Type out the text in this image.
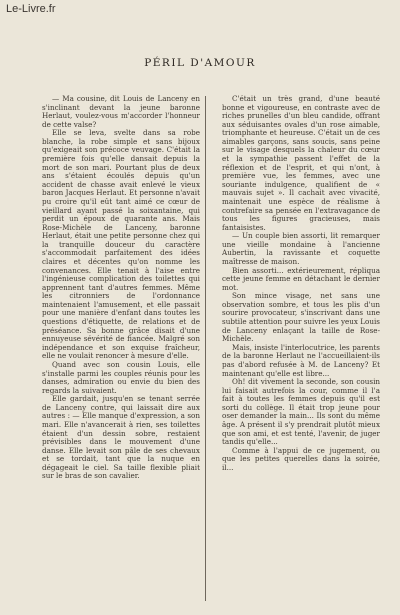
Le-Livre.fr
PÉRIL D'AMOUR

— Ma cousine, dit Louis de Lanceny en s'inclinant devant la jeune baronne Herlaut, voulez-vous m'accorder l'honneur de cette valse?

Elle se leva, svelte dans sa robe blanche, la robe simple et sans bijoux qu'exigeait son précoce veuvage. C'était la première fois qu'elle dansait depuis la mort de son mari. Pourtant plus de deux ans s'étaient écoulés depuis qu'un accident de chasse avait enlevé le vieux baron Jacques Herlaut. Et personne n'avait pu croire qu'il eût tant aimé ce cœur de vieillard ayant passé la soixantaine, qui perdit un époux de quarante ans. Mais Rose-Michèle de Lanceny, baronne Herlaut, était une petite personne chez qui la tranquille douceur du caractère s'accommodait parfaitement des idées claires et décentes qu'on nomme les convenances. Elle tenait à l'aise entre l'ingénieuse complication des toilettes qui apprennent tant d'autres femmes. Même les citronniers de l'ordonnance maintenaient l'amusement, et elle passait pour une manière d'enfant dans toutes les questions d'étiquette, de relations et de préséance. Sa bonne grâce disait d'une ennuyeuse sévérité de fiancée. Malgré son indépendance et son exquise fraîcheur, elle ne voulait renoncer à mesure d'elle.

Quand avec son cousin Louis, elle s'installe parmi les couples réunis pour les danses, admiration ou envie du bien des regards la suivaient.

Elle gardait, jusqu'en se tenant serrée de Lanceny contre, qui laissait dire aux autres : — Elle manque d'expression, a son mari. Elle n'avancerait à rien, ses toilettes étaient d'un dessin sobre, restaient prévisibles dans le mouvement d'une danse. Elle levait son pâle de ses chevaux et se tordait, tant que la nuque en dégageait le ciel. Sa taille flexible pliait sur le bras de son cavalier.

C'était un très grand, d'une beauté bonne et vigoureuse, en contraste avec de riches prunelles d'un bleu candide, offrant aux séduisantes ovales d'un rose aimable, triomphante et heureuse. C'était un de ces aimables garçons, sans soucis, sans peine sur le visage desquels la chaleur du cœur et la sympathie passent l'effet de la réflexion et de l'esprit, et qui n'ont, à première vue, les femmes, avec une souriante indulgence, qualifient de « mauvais sujet ». Il cachait avec vivacité, maintenait une espèce de réalisme à contrefaire sa pensée en l'extravagance de tous les figures gracieuses, mais fantaisistes.

— Un couple bien assorti, lit remarquer une vieille mondaine à l'ancienne Aubertin, la ravissante et coquette maîtresse de maison.

Bien assorti... extérieurement, répliqua cette jeune femme en détachant le dernier mot.

Son mince visage, net sans une observation sombre, et tous les plis d'un sourire provocateur, s'inscrivant dans une subtile attention pour suivre les yeux Louis de Lanceny enlaçant la taille de Rose-Michèle.

Mais, insiste l'interlocutrice, les parents de la baronne Herlaut ne l'accueillaient-ils pas d'abord refusée à M. de Lanceny? Et maintenant qu'elle est libre...

Oh! dit vivement la seconde, son cousin lui faisait autrefois la cour, comme il l'a fait à toutes les femmes depuis qu'il est sorti du collège. Il était trop jeune pour oser demander la main... Ils sont du même âge. A présent il s'y prendrait plutôt mieux que son ami, et est tenté, l'avenir, de juger tandis qu'elle...

Comme à l'appui de ce jugement, ou que les petites querelles dans la soirée, il...
